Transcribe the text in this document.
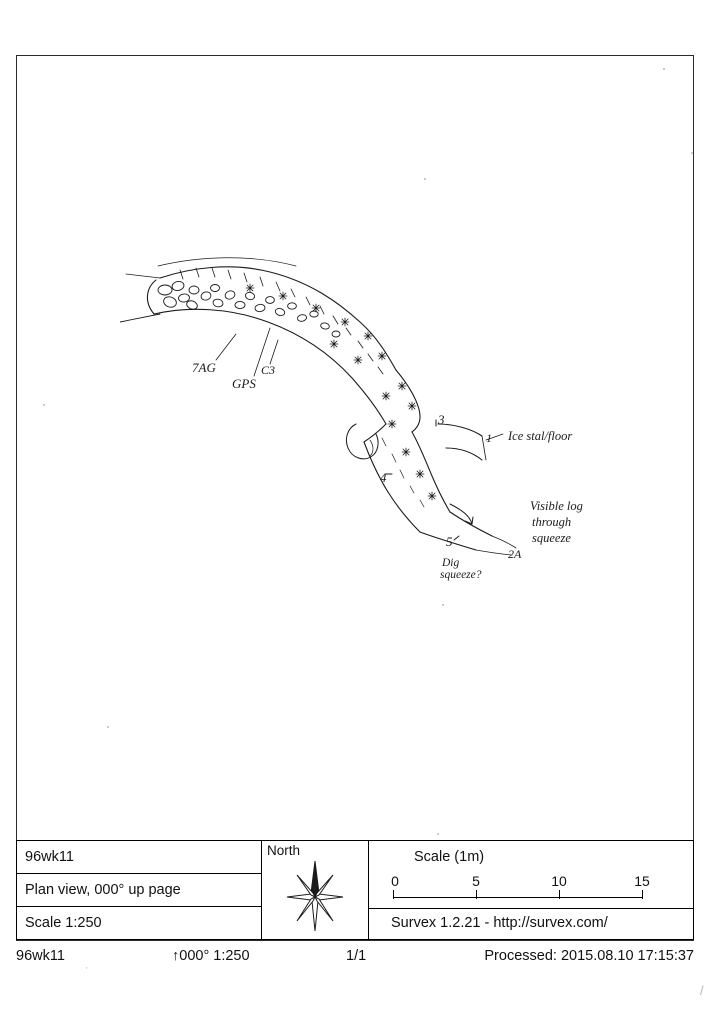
/
ˑ
7AG
GPS
C3
3
4
1 Ice stal/floor
5
2A
Dig
squeeze?
Visible log
through
squeeze
96wk11
Plan view, 000° up page
Scale 1:250
North	Scale (1m)
0	5	10	15
Survex 1.2.21 - http://survex.com/
96wk11	↑000° 1:250	1/1	Processed: 2015.08.10 17:15:37
